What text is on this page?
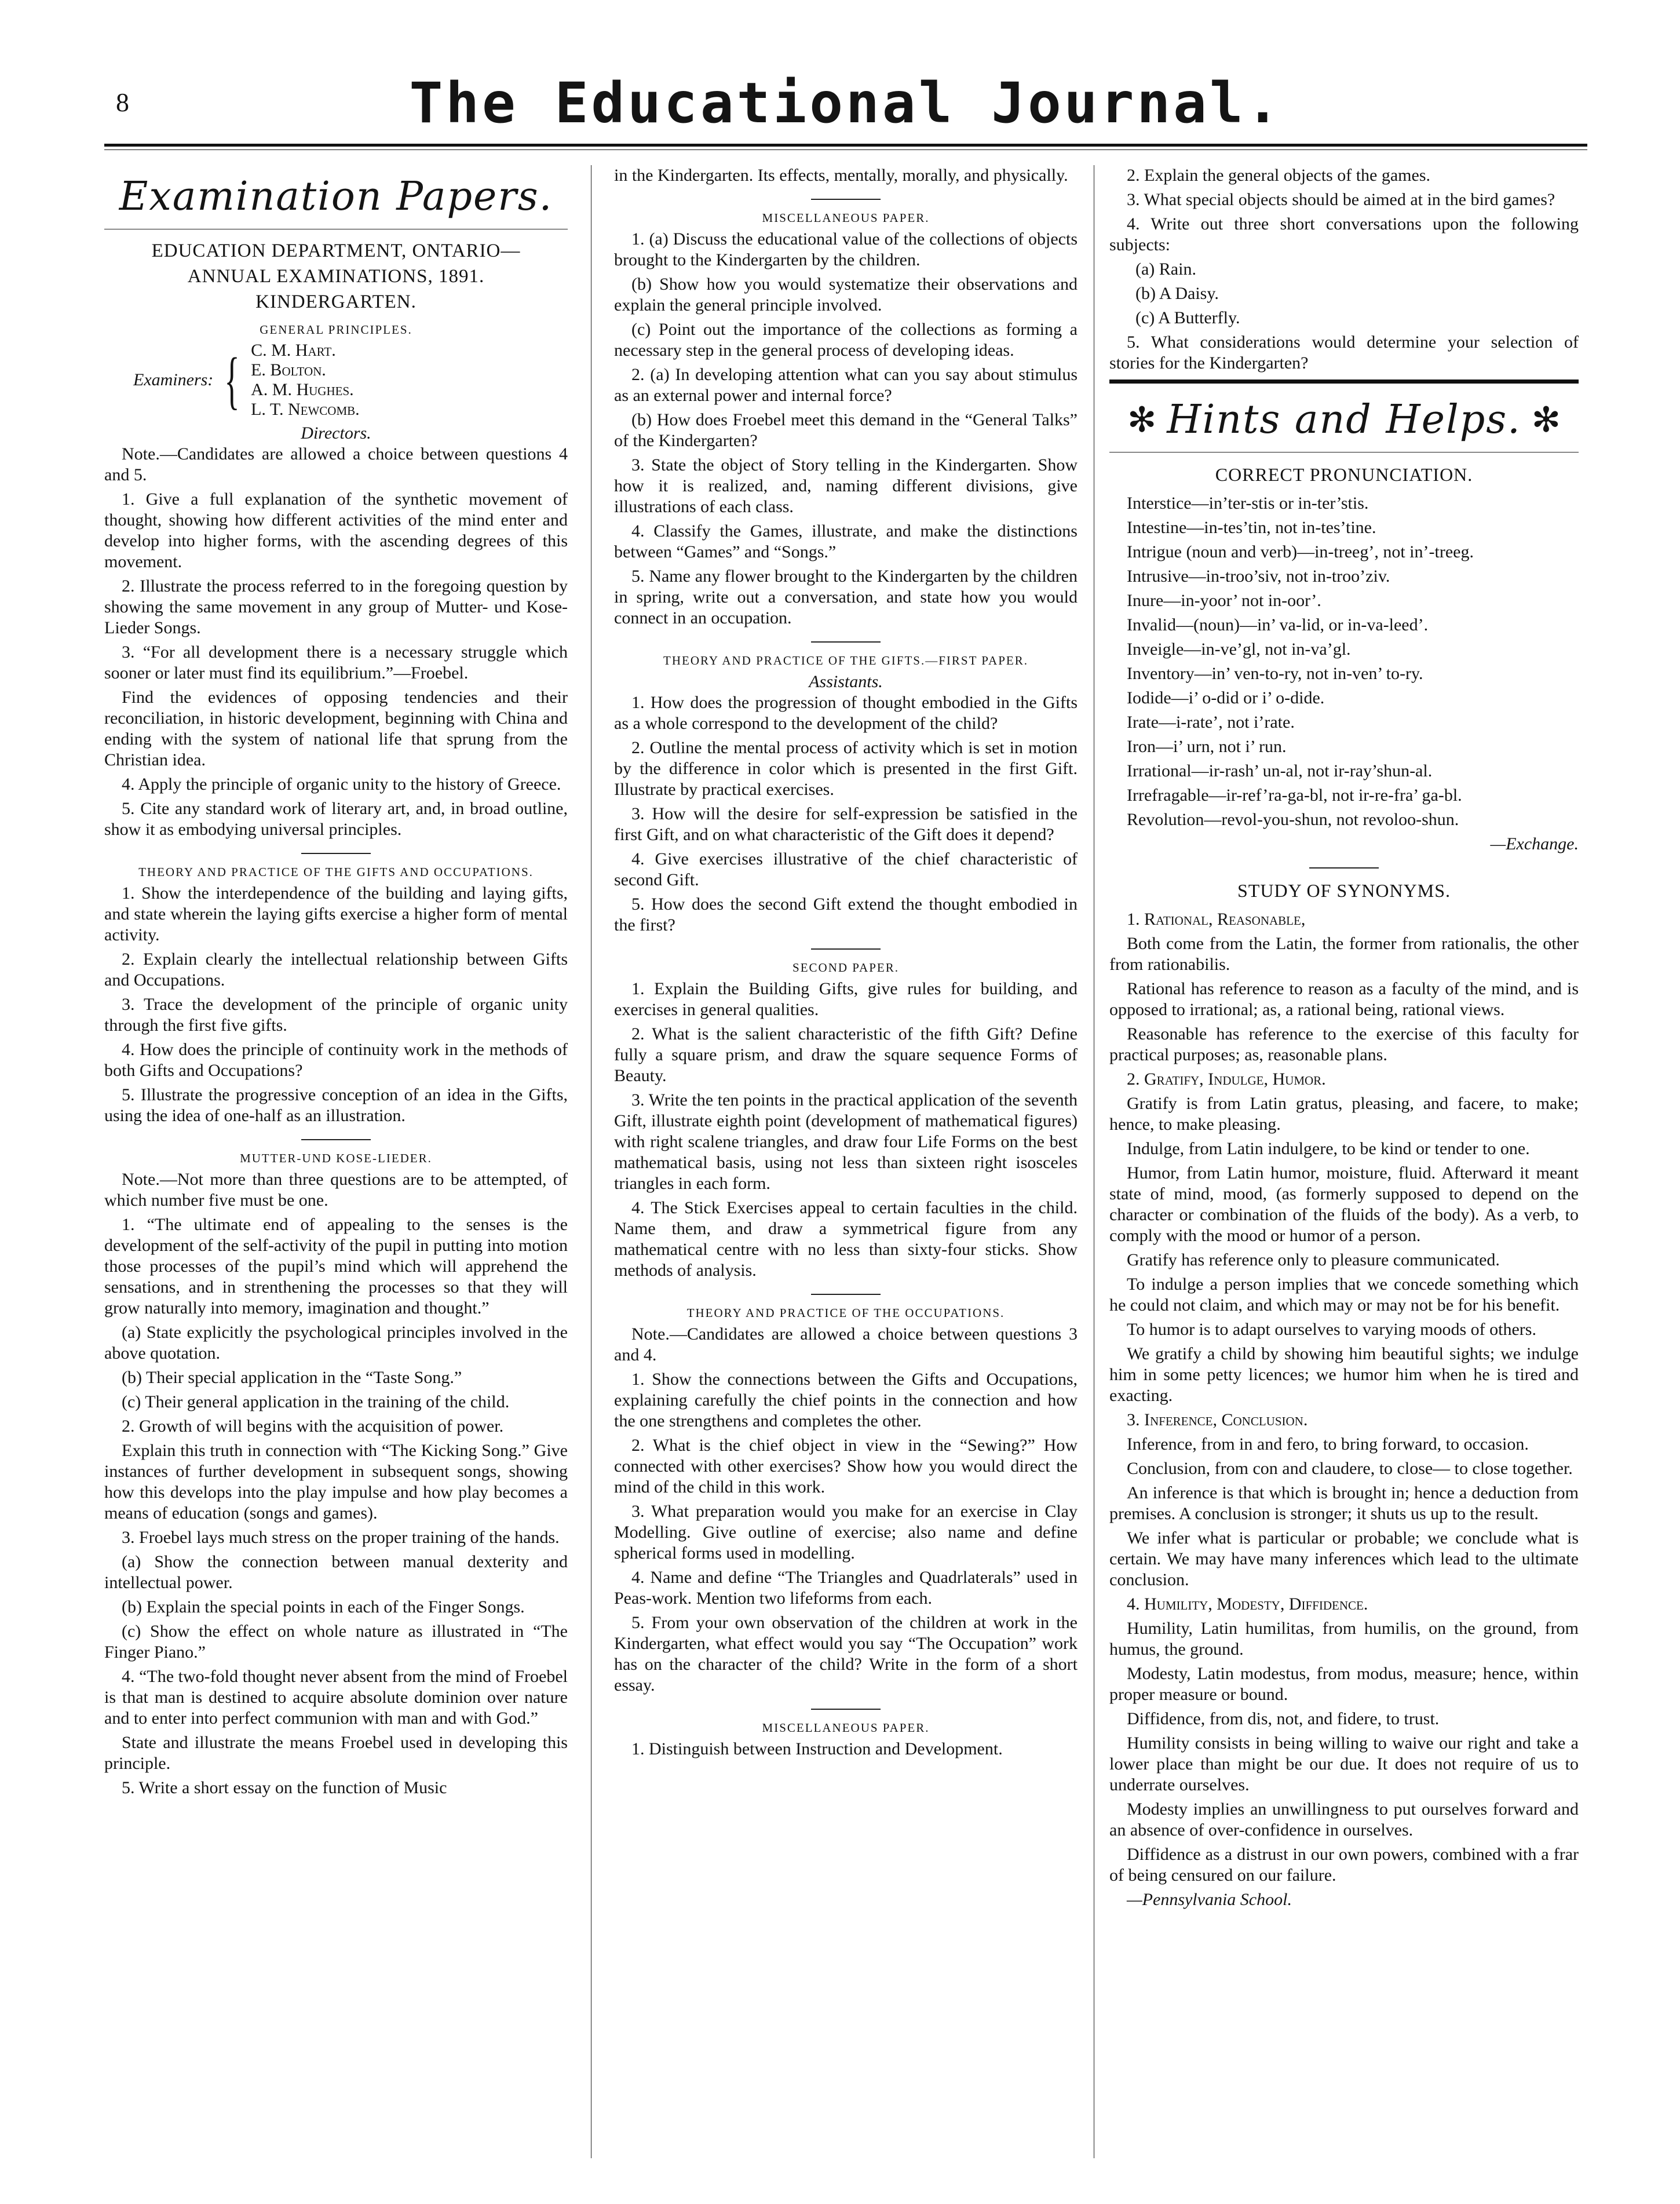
8	The Educational Journal.
Examination Papers.
EDUCATION DEPARTMENT, ONTARIO—
ANNUAL EXAMINATIONS, 1891.
KINDERGARTEN.
GENERAL PRINCIPLES.
Examiners: { C. M. Hart.
E. Bolton.
A. M. Hughes.
L. T. Newcomb.
Directors.

Note.—Candidates are allowed a choice between questions 4 and 5.

1. Give a full explanation of the synthetic movement of thought, showing how different activities of the mind enter and develop into higher forms, with the ascending degrees of this movement.

2. Illustrate the process referred to in the foregoing question by showing the same movement in any group of Mutter- und Kose-Lieder Songs.

3. “For all development there is a necessary struggle which sooner or later must find its equilibrium.”—Froebel.

Find the evidences of opposing tendencies and their reconciliation, in historic development, beginning with China and ending with the system of national life that sprung from the Christian idea.

4. Apply the principle of organic unity to the history of Greece.

5. Cite any standard work of literary art, and, in broad outline, show it as embodying universal principles.

THEORY AND PRACTICE OF THE GIFTS AND OCCUPATIONS.

1. Show the interdependence of the building and laying gifts, and state wherein the laying gifts exercise a higher form of mental activity.

2. Explain clearly the intellectual relationship between Gifts and Occupations.

3. Trace the development of the principle of organic unity through the first five gifts.

4. How does the principle of continuity work in the methods of both Gifts and Occupations?

5. Illustrate the progressive conception of an idea in the Gifts, using the idea of one-half as an illustration.

MUTTER-UND KOSE-LIEDER.

Note.—Not more than three questions are to be attempted, of which number five must be one.

1. “The ultimate end of appealing to the senses is the development of the self-activity of the pupil in putting into motion those processes of the pupil’s mind which will apprehend the sensations, and in strenthening the processes so that they will grow naturally into memory, imagination and thought.”

(a) State explicitly the psychological principles involved in the above quotation.

(b) Their special application in the “Taste Song.”

(c) Their general application in the training of the child.

2. Growth of will begins with the acquisition of power.

Explain this truth in connection with “The Kicking Song.” Give instances of further development in subsequent songs, showing how this develops into the play impulse and how play becomes a means of education (songs and games).

3. Froebel lays much stress on the proper training of the hands.

(a) Show the connection between manual dexterity and intellectual power.

(b) Explain the special points in each of the Finger Songs.

(c) Show the effect on whole nature as illustrated in “The Finger Piano.”

4. “The two-fold thought never absent from the mind of Froebel is that man is destined to acquire absolute dominion over nature and to enter into perfect communion with man and with God.”

State and illustrate the means Froebel used in developing this principle.

5. Write a short essay on the function of Music

in the Kindergarten. Its effects, mentally, morally, and physically.

MISCELLANEOUS PAPER.

1. (a) Discuss the educational value of the collections of objects brought to the Kindergarten by the children.

(b) Show how you would systematize their observations and explain the general principle involved.

(c) Point out the importance of the collections as forming a necessary step in the general process of developing ideas.

2. (a) In developing attention what can you say about stimulus as an external power and internal force?

(b) How does Froebel meet this demand in the “General Talks” of the Kindergarten?

3. State the object of Story telling in the Kindergarten. Show how it is realized, and, naming different divisions, give illustrations of each class.

4. Classify the Games, illustrate, and make the distinctions between “Games” and “Songs.”

5. Name any flower brought to the Kindergarten by the children in spring, write out a conversation, and state how you would connect in an occupation.

THEORY AND PRACTICE OF THE GIFTS.—FIRST PAPER.
Assistants.

1. How does the progression of thought embodied in the Gifts as a whole correspond to the development of the child?

2. Outline the mental process of activity which is set in motion by the difference in color which is presented in the first Gift. Illustrate by practical exercises.

3. How will the desire for self-expression be satisfied in the first Gift, and on what characteristic of the Gift does it depend?

4. Give exercises illustrative of the chief characteristic of second Gift.

5. How does the second Gift extend the thought embodied in the first?

SECOND PAPER.

1. Explain the Building Gifts, give rules for building, and exercises in general qualities.

2. What is the salient characteristic of the fifth Gift? Define fully a square prism, and draw the square sequence Forms of Beauty.

3. Write the ten points in the practical application of the seventh Gift, illustrate eighth point (development of mathematical figures) with right scalene triangles, and draw four Life Forms on the best mathematical basis, using not less than sixteen right isosceles triangles in each form.

4. The Stick Exercises appeal to certain faculties in the child. Name them, and draw a symmetrical figure from any mathematical centre with no less than sixty-four sticks. Show methods of analysis.

THEORY AND PRACTICE OF THE OCCUPATIONS.

Note.—Candidates are allowed a choice between questions 3 and 4.

1. Show the connections between the Gifts and Occupations, explaining carefully the chief points in the connection and how the one strengthens and completes the other.

2. What is the chief object in view in the “Sewing?” How connected with other exercises? Show how you would direct the mind of the child in this work.

3. What preparation would you make for an exercise in Clay Modelling. Give outline of exercise; also name and define spherical forms used in modelling.

4. Name and define “The Triangles and Quadrlaterals” used in Peas-work. Mention two lifeforms from each.

5. From your own observation of the children at work in the Kindergarten, what effect would you say “The Occupation” work has on the character of the child? Write in the form of a short essay.

MISCELLANEOUS PAPER.

1. Distinguish between Instruction and Development.

2. Explain the general objects of the games.

3. What special objects should be aimed at in the bird games?

4. Write out three short conversations upon the following subjects:

(a) Rain.

(b) A Daisy.

(c) A Butterfly.

5. What considerations would determine your selection of stories for the Kindergarten?

✻ Hints and Helps. ✻
CORRECT PRONUNCIATION.

Interstice—in’ter-stis or in-ter’stis.

Intestine—in-tes’tin, not in-tes’tine.

Intrigue (noun and verb)—in-treeg’, not in’-treeg.

Intrusive—in-troo’siv, not in-troo’ziv.

Inure—in-yoor’ not in-oor’.

Invalid—(noun)—in’ va-lid, or in-va-leed’.

Inveigle—in-ve’gl, not in-va’gl.

Inventory—in’ ven-to-ry, not in-ven’ to-ry.

Iodide—i’ o-did or i’ o-dide.

Irate—i-rate’, not i’rate.

Iron—i’ urn, not i’ run.

Irrational—ir-rash’ un-al, not ir-ray’shun-al.

Irrefragable—ir-ref’ra-ga-bl, not ir-re-fra’ ga-bl.

Revolution—revol-you-shun, not revoloo-shun.

—Exchange.
STUDY OF SYNONYMS.

1. Rational, Reasonable,

Both come from the Latin, the former from rationalis, the other from rationabilis.

Rational has reference to reason as a faculty of the mind, and is opposed to irrational; as, a rational being, rational views.

Reasonable has reference to the exercise of this faculty for practical purposes; as, reasonable plans.

2. Gratify, Indulge, Humor.

Gratify is from Latin gratus, pleasing, and facere, to make; hence, to make pleasing.

Indulge, from Latin indulgere, to be kind or tender to one.

Humor, from Latin humor, moisture, fluid. Afterward it meant state of mind, mood, (as formerly supposed to depend on the character or combination of the fluids of the body). As a verb, to comply with the mood or humor of a person.

Gratify has reference only to pleasure communicated.

To indulge a person implies that we concede something which he could not claim, and which may or may not be for his benefit.

To humor is to adapt ourselves to varying moods of others.

We gratify a child by showing him beautiful sights; we indulge him in some petty licences; we humor him when he is tired and exacting.

3. Inference, Conclusion.

Inference, from in and fero, to bring forward, to occasion.

Conclusion, from con and claudere, to close— to close together.

An inference is that which is brought in; hence a deduction from premises. A conclusion is stronger; it shuts us up to the result.

We infer what is particular or probable; we conclude what is certain. We may have many inferences which lead to the ultimate conclusion.

4. Humility, Modesty, Diffidence.

Humility, Latin humilitas, from humilis, on the ground, from humus, the ground.

Modesty, Latin modestus, from modus, measure; hence, within proper measure or bound.

Diffidence, from dis, not, and fidere, to trust.

Humility consists in being willing to waive our right and take a lower place than might be our due. It does not require of us to underrate ourselves.

Modesty implies an unwillingness to put ourselves forward and an absence of over-confidence in ourselves.

Diffidence as a distrust in our own powers, combined with a frar of being censured on our failure.

—Pennsylvania School.
